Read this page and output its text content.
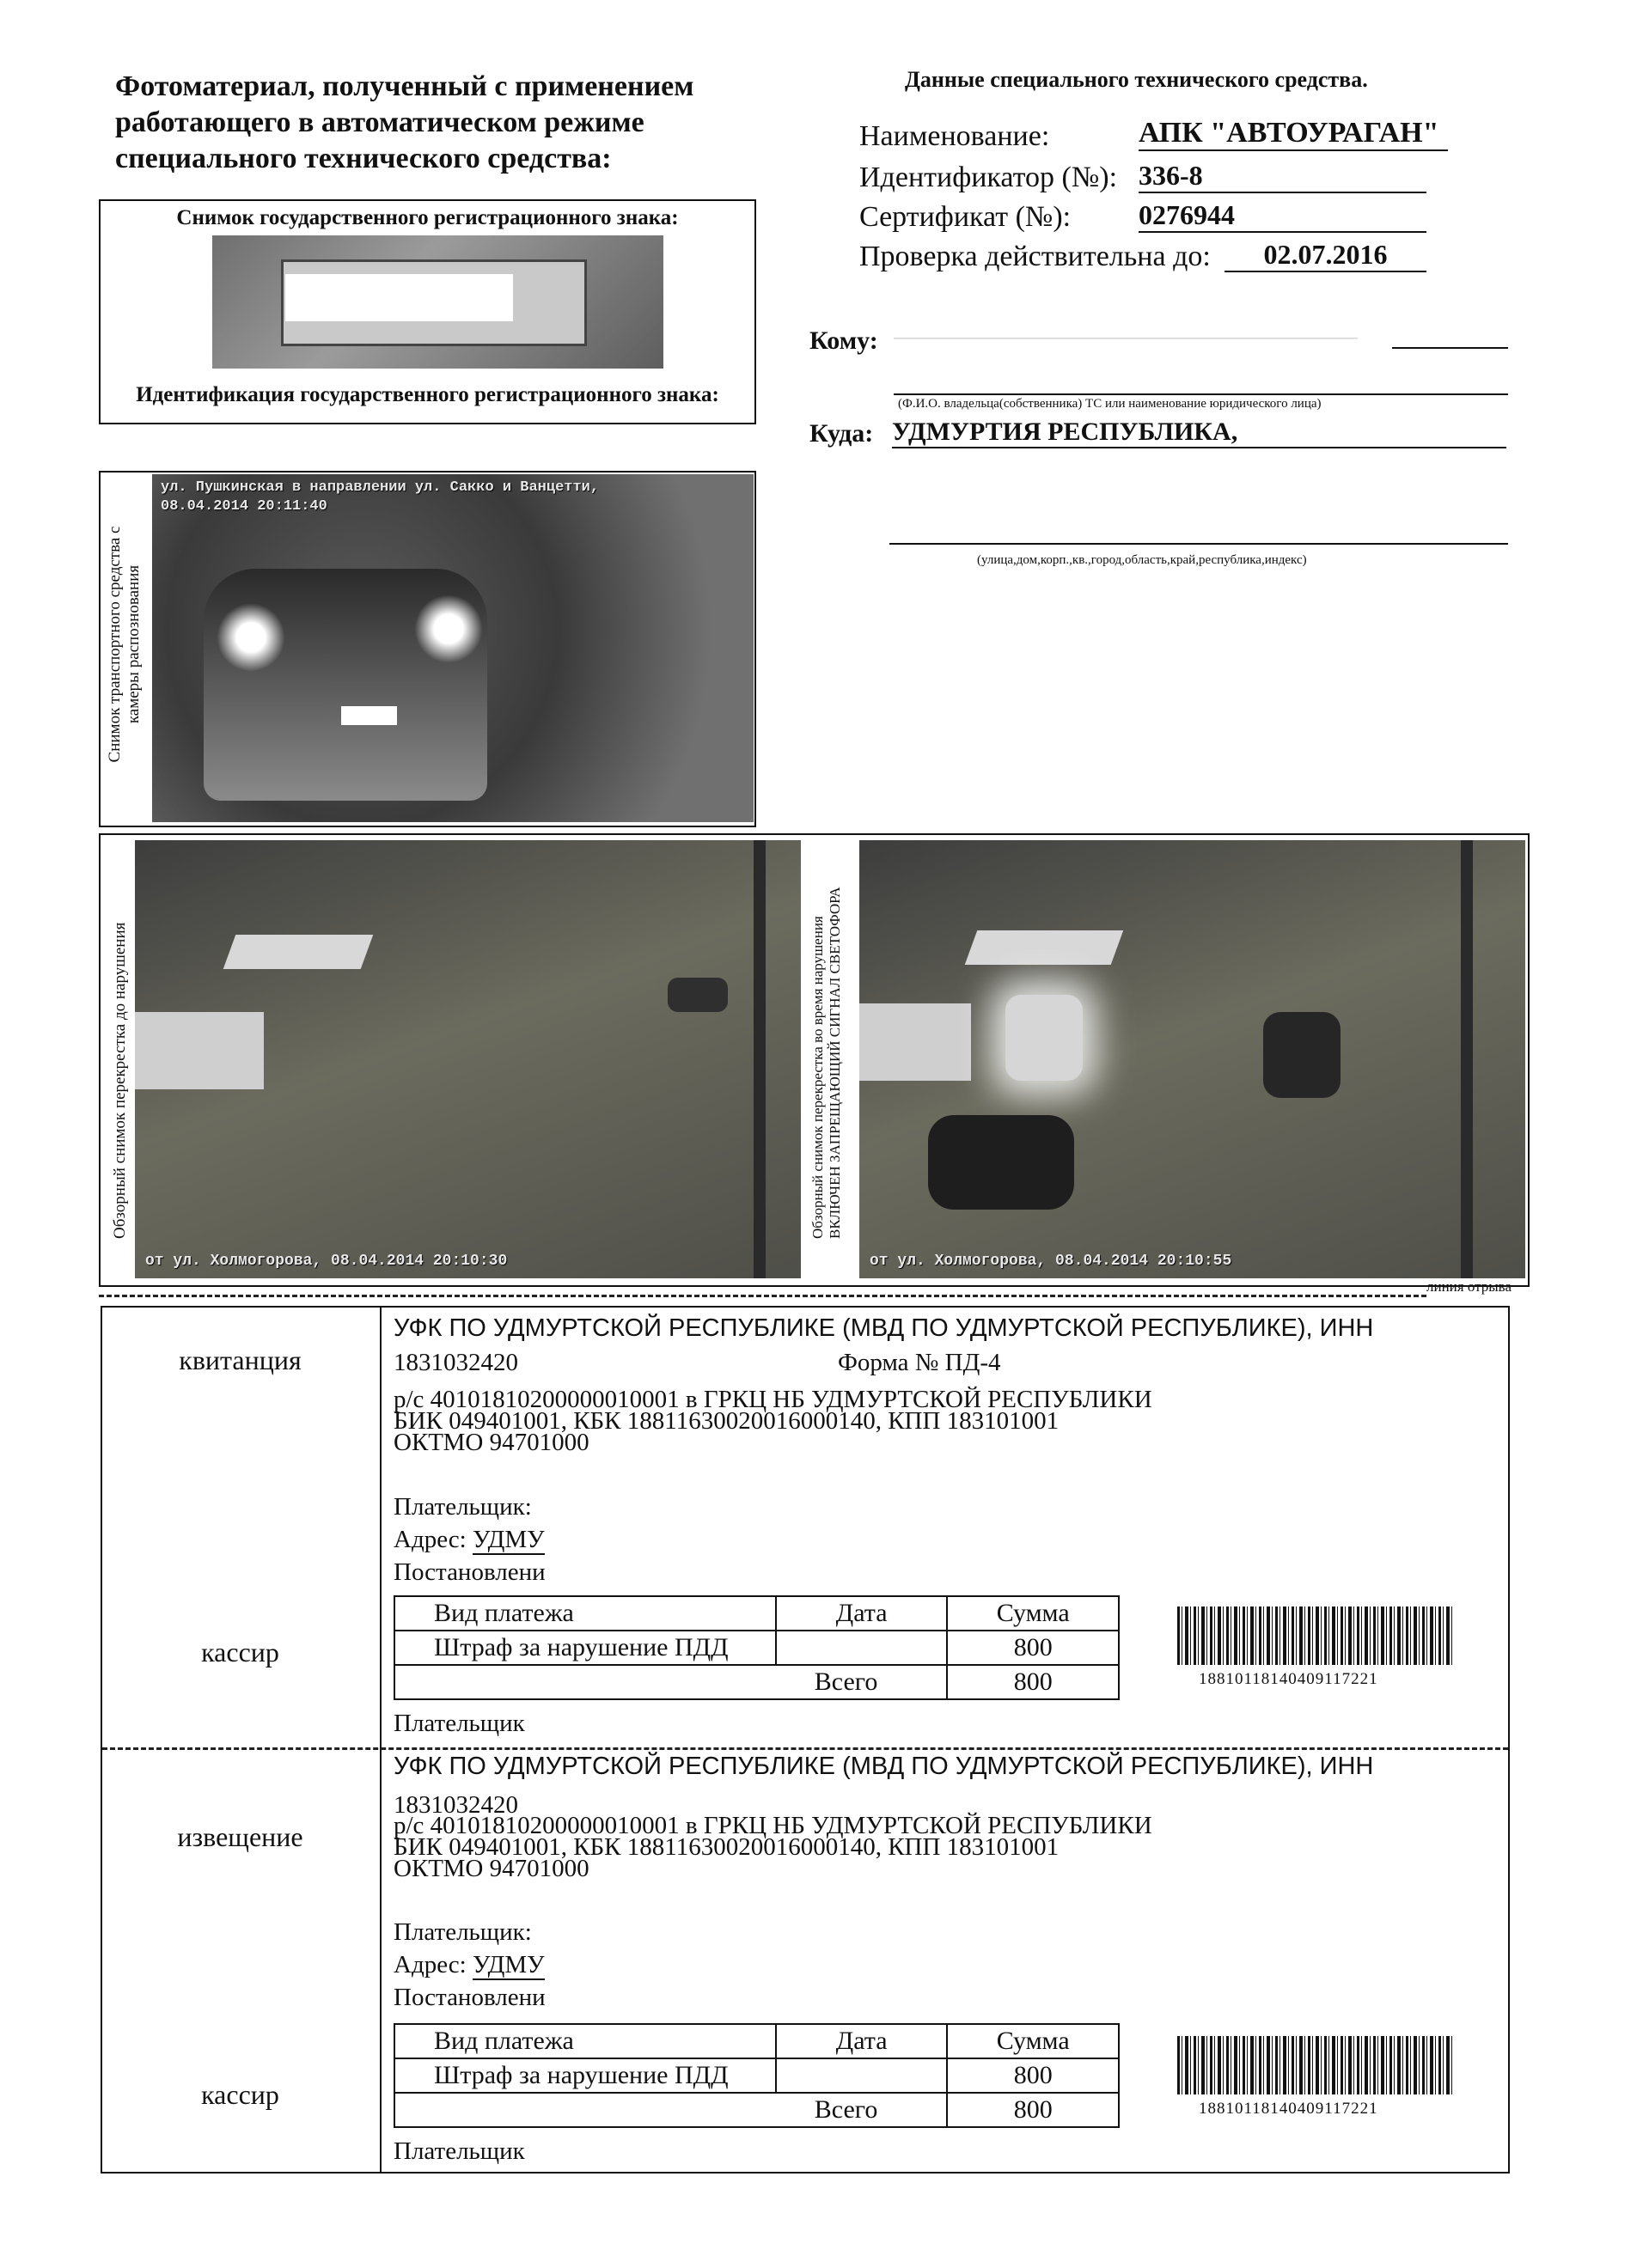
Фотоматериал, полученный с применением
работающего в автоматическом режиме
специального технического средства:
Данные специального технического средства.
Наименование:	АПК "АВТОУРАГАН"
Идентификатор (№): 336-8
Сертификат (№): 0276944
Проверка действительна до:	02.07.2016
Кому:
(Ф.И.О. владельца(собственника) ТС или наименование юридического лица)
Куда: УДМУРТИЯ РЕСПУБЛИКА,
(улица,дом,корп.,кв.,город,область,край,республика,индекс)
Снимок государственного регистрационного знака:
Идентификация государственного регистрационного знака:
Снимок транспортного средства с камеры распознования
ул. Пушкинская в направлении ул. Сакко и Ванцетти,
08.04.2014 20:11:40
Обзорный снимок перекрестка до нарушения
от ул. Холмогорова, 08.04.2014 20:10:30
Обзорный снимок перекрестка во время нарушения ВКЛЮЧЕН ЗАПРЕЩАЮЩИЙ СИГНАЛ СВЕТОФОРА
от ул. Холмогорова, 08.04.2014 20:10:55
линия отрыва
квитанция
кассир
УФК ПО УДМУРТСКОЙ РЕСПУБЛИКЕ (МВД ПО УДМУРТСКОЙ РЕСПУБЛИКЕ), ИНН
1831032420	Форма № ПД-4
р/с 40101810200000010001 в ГРКЦ НБ УДМУРТСКОЙ РЕСПУБЛИКИ
БИК 049401001, КБК 18811630020016000140, КПП 183101001
ОКТМО 94701000
Плательщик:
Адрес: УДМУ
Постановлени
Вид платежа	Дата	Сумма
Штраф за нарушение ПДД		800
Всего		800	18810118140409117221
Плательщик
извещение
кассир
УФК ПО УДМУРТСКОЙ РЕСПУБЛИКЕ (МВД ПО УДМУРТСКОЙ РЕСПУБЛИКЕ), ИНН
1831032420
р/с 40101810200000010001 в ГРКЦ НБ УДМУРТСКОЙ РЕСПУБЛИКИ
БИК 049401001, КБК 18811630020016000140, КПП 183101001
ОКТМО 94701000
Плательщик:
Адрес: УДМУ
Постановлени
Вид платежа	Дата	Сумма
Штраф за нарушение ПДД		800
Всего		800	18810118140409117221
Плательщик
